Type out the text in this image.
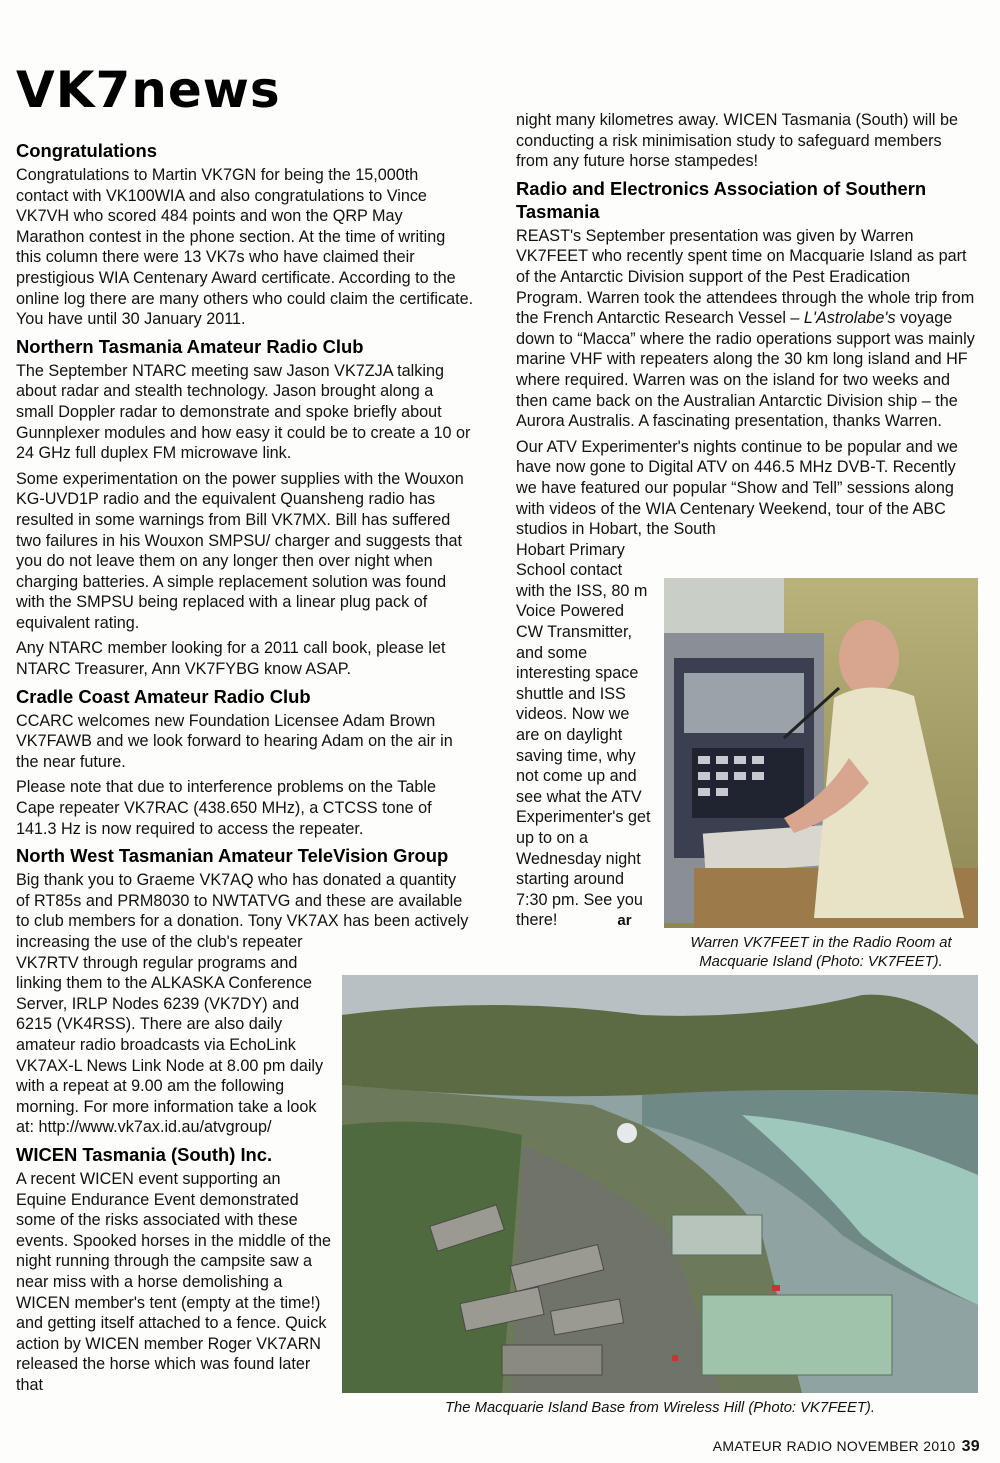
VK7news
Congratulations

Congratulations to Martin VK7GN for being the 15,000th contact with VK100WIA and also congratulations to Vince VK7VH who scored 484 points and won the QRP May Marathon contest in the phone section. At the time of writing this column there were 13 VK7s who have claimed their prestigious WIA Centenary Award certificate. According to the online log there are many others who could claim the certificate. You have until 30 January 2011.

Northern Tasmania Amateur Radio Club

The September NTARC meeting saw Jason VK7ZJA talking about radar and stealth technology. Jason brought along a small Doppler radar to demonstrate and spoke briefly about Gunnplexer modules and how easy it could be to create a 10 or 24 GHz full duplex FM microwave link.

Some experimentation on the power supplies with the Wouxon KG-UVD1P radio and the equivalent Quansheng radio has resulted in some warnings from Bill VK7MX. Bill has suffered two failures in his Wouxon SMPSU/ charger and suggests that you do not leave them on any longer then over night when charging batteries. A simple replacement solution was found with the SMPSU being replaced with a linear plug pack of equivalent rating.

Any NTARC member looking for a 2011 call book, please let NTARC Treasurer, Ann VK7FYBG know ASAP.

Cradle Coast Amateur Radio Club

CCARC welcomes new Foundation Licensee Adam Brown VK7FAWB and we look forward to hearing Adam on the air in the near future.

Please note that due to interference problems on the Table Cape repeater VK7RAC (438.650 MHz), a CTCSS tone of 141.3 Hz is now required to access the repeater.

North West Tasmanian Amateur TeleVision Group

Big thank you to Graeme VK7AQ who has donated a quantity of RT85s and PRM8030 to NWTATVG and these are available to club members for a donation. Tony VK7AX has been actively increasing the use of the club's repeater

VK7RTV through regular programs and linking them to the ALKASKA Conference Server, IRLP Nodes 6239 (VK7DY) and 6215 (VK4RSS). There are also daily amateur radio broadcasts via EchoLink VK7AX-L News Link Node at 8.00 pm daily with a repeat at 9.00 am the following morning. For more information take a look at: http://www.vk7ax.id.au/atvgroup/

WICEN Tasmania (South) Inc.

A recent WICEN event supporting an Equine Endurance Event demonstrated some of the risks associated with these events. Spooked horses in the middle of the night running through the campsite saw a near miss with a horse demolishing a WICEN member's tent (empty at the time!) and getting itself attached to a fence. Quick action by WICEN member Roger VK7ARN released the horse which was found later that

night many kilometres away. WICEN Tasmania (South) will be conducting a risk minimisation study to safeguard members from any future horse stampedes!

Radio and Electronics Association of Southern Tasmania

REAST's September presentation was given by Warren VK7FEET who recently spent time on Macquarie Island as part of the Antarctic Division support of the Pest Eradication Program. Warren took the attendees through the whole trip from the French Antarctic Research Vessel – L'Astrolabe's voyage down to “Macca” where the radio operations support was mainly marine VHF with repeaters along the 30 km long island and HF where required. Warren was on the island for two weeks and then came back on the Australian Antarctic Division ship – the Aurora Australis. A fascinating presentation, thanks Warren.

Our ATV Experimenter's nights continue to be popular and we have now gone to Digital ATV on 446.5 MHz DVB-T. Recently we have featured our popular “Show and Tell” sessions along with videos of the WIA Centenary Weekend, tour of the ABC studios in Hobart, the South

Hobart Primary School contact with the ISS, 80 m Voice Powered CW Transmitter, and some interesting space shuttle and ISS videos. Now we are on daylight saving time, why not come up and see what the ATV Experimenter's get up to on a Wednesday night starting around 7:30 pm. See you there!	ar

Warren VK7FEET in the Radio Room at Macquarie Island (Photo: VK7FEET).
The Macquarie Island Base from Wireless Hill (Photo: VK7FEET).
AMATEUR RADIO NOVEMBER 2010 39
